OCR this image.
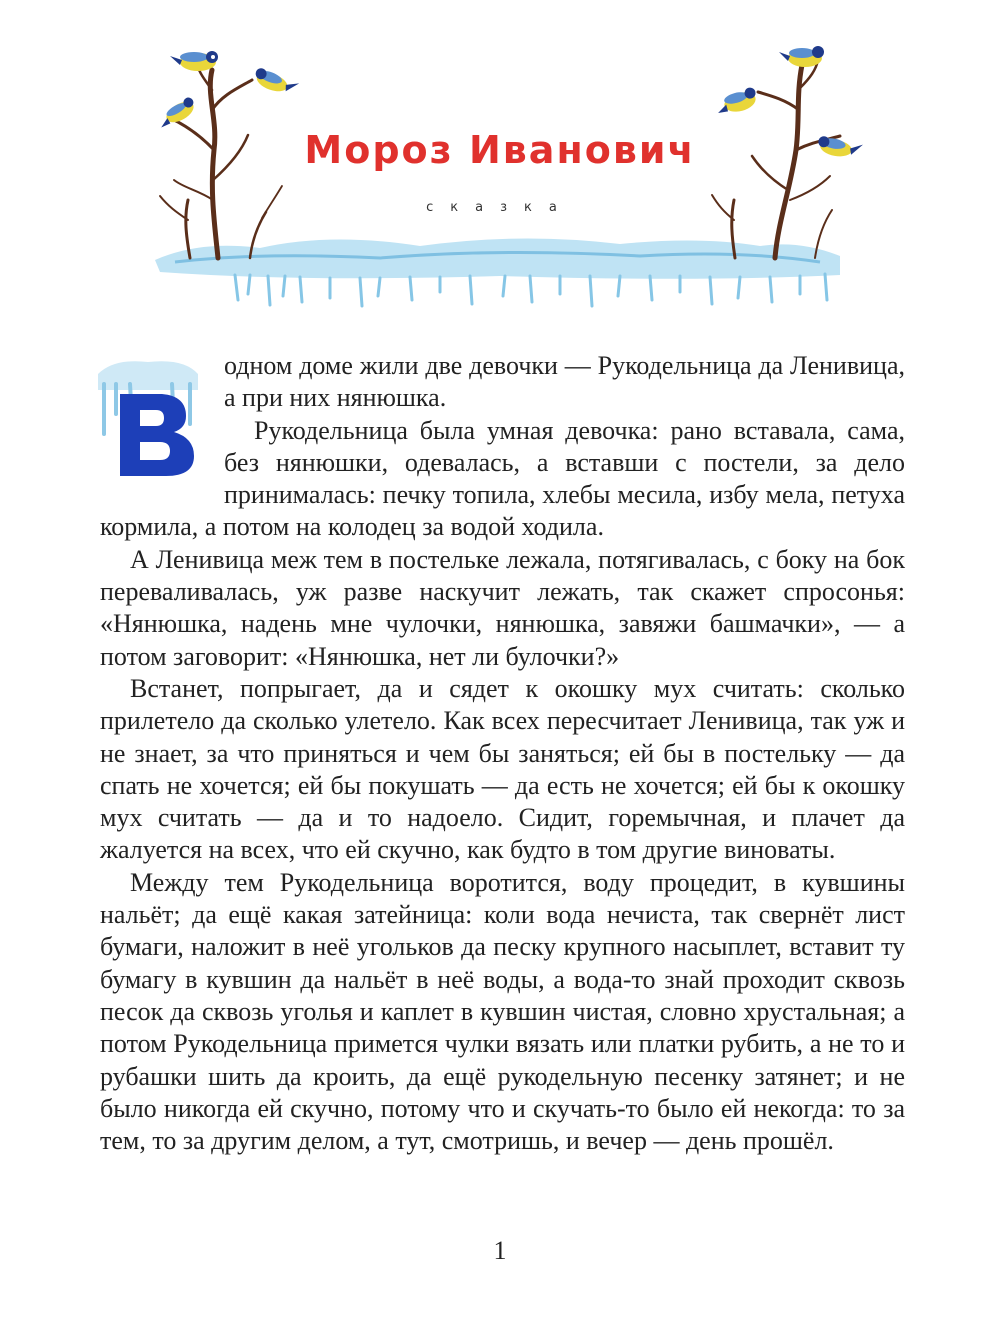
Мороз Иванович
сказка

одном доме жили две девочки — Рукодельница да Ленивица, а при них нянюшка.

Рукодельница была умная девочка: рано вставала, сама, без нянюшки, одевалась, а вставши с постели, за дело принималась: печку топила, хлебы месила, избу мела, петуха кормила, а потом на колодец за водой ходила.

А Ленивица меж тем в постельке лежала, потягивалась, с боку на бок переваливалась, уж разве наскучит лежать, так скажет спросонья: «Нянюшка, надень мне чулочки, нянюшка, завяжи башмачки», — а потом заговорит: «Нянюшка, нет ли булочки?»

Встанет, попрыгает, да и сядет к окошку мух считать: сколько прилетело да сколько улетело. Как всех пересчитает Ленивица, так уж и не знает, за что приняться и чем бы заняться; ей бы в постельку — да спать не хочется; ей бы покушать — да есть не хочется; ей бы к окошку мух считать — да и то надоело. Сидит, горемычная, и плачет да жалуется на всех, что ей скучно, как будто в том другие виноваты.

Между тем Рукодельница воротится, воду процедит, в кувшины нальёт; да ещё какая затейница: коли вода нечиста, так свернёт лист бумаги, наложит в неё угольков да песку крупного насыплет, вставит ту бумагу в кувшин да нальёт в неё воды, а вода-то знай проходит сквозь песок да сквозь уголья и каплет в кувшин чистая, словно хрустальная; а потом Рукодельница примется чулки вязать или платки рубить, а не то и рубашки шить да кроить, да ещё рукодельную песенку затянет; и не было никогда ей скучно, потому что и скучать-то было ей некогда: то за тем, то за другим делом, а тут, смотришь, и вечер — день прошёл.

1
